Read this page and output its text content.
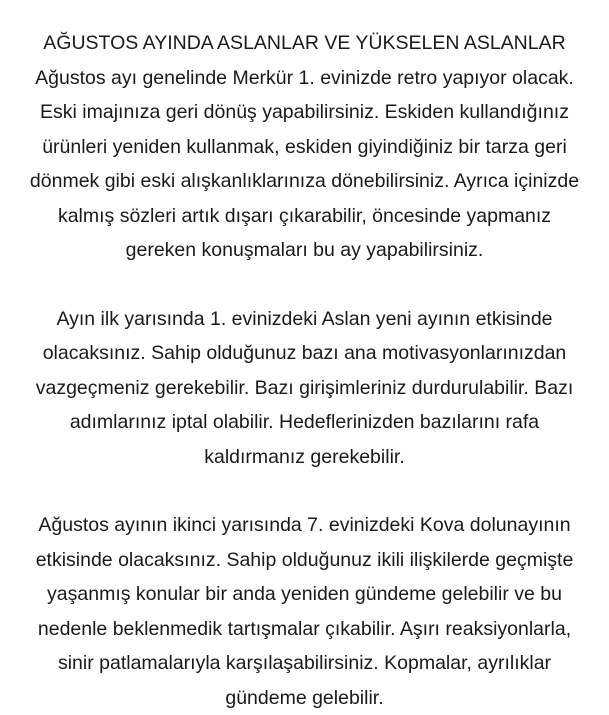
AĞUSTOS AYINDA ASLANLAR VE YÜKSELEN ASLANLAR

Ağustos ayı genelinde Merkür 1. evinizde retro yapıyor olacak.
Eski imajınıza geri dönüş yapabilirsiniz. Eskiden kullandığınız
ürünleri yeniden kullanmak, eskiden giyindiğiniz bir tarza geri
dönmek gibi eski alışkanlıklarınıza dönebilirsiniz. Ayrıca içinizde
kalmış sözleri artık dışarı çıkarabilir, öncesinde yapmanız
gereken konuşmaları bu ay yapabilirsiniz.

Ayın ilk yarısında 1. evinizdeki Aslan yeni ayının etkisinde
olacaksınız. Sahip olduğunuz bazı ana motivasyonlarınızdan
vazgeçmeniz gerekebilir. Bazı girişimleriniz durdurulabilir. Bazı
adımlarınız iptal olabilir. Hedeflerinizden bazılarını rafa
kaldırmanız gerekebilir.

Ağustos ayının ikinci yarısında 7. evinizdeki Kova dolunayının
etkisinde olacaksınız. Sahip olduğunuz ikili ilişkilerde geçmişte
yaşanmış konular bir anda yeniden gündeme gelebilir ve bu
nedenle beklenmedik tartışmalar çıkabilir. Aşırı reaksiyonlarla,
sinir patlamalarıyla karşılaşabilirsiniz. Kopmalar, ayrılıklar
gündeme gelebilir.
